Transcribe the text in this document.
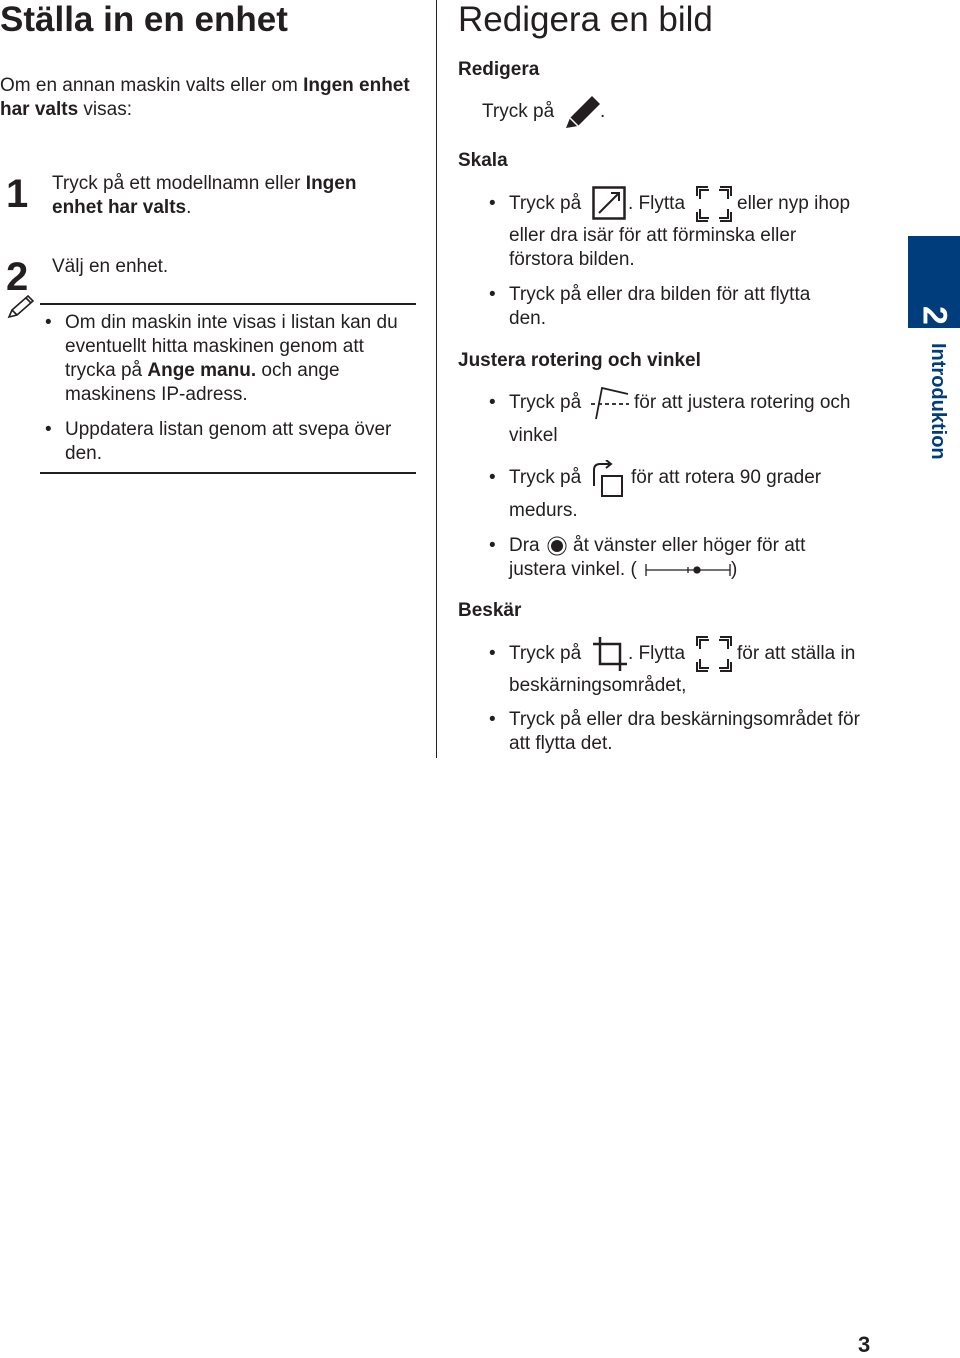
Ställa in en enhet
Om en annan maskin valts eller om Ingen enhet har valts visas:
1 Tryck på ett modellnamn eller Ingen enhet har valts.
2 Välj en enhet.
• Om din maskin inte visas i listan kan du eventuellt hitta maskinen genom att trycka på Ange manu. och ange maskinens IP-adress.
• Uppdatera listan genom att svepa över den.
Redigera en bild
Redigera
Tryck på .
Skala
• Tryck på . Flytta	eller nyp ihop
eller dra isär för att förminska eller förstora bilden.
• Tryck på eller dra bilden för att flytta den.
Justera rotering och vinkel
• Tryck på	för att justera rotering och
vinkel
• Tryck på	för att rotera 90 grader
medurs.
• Dra åt vänster eller höger för att
justera vinkel. (	)
Beskär
• Tryck på . Flytta	för att ställa in
beskärningsområdet,
• Tryck på eller dra beskärningsområdet för att flytta det.
2
Introduktion
3
